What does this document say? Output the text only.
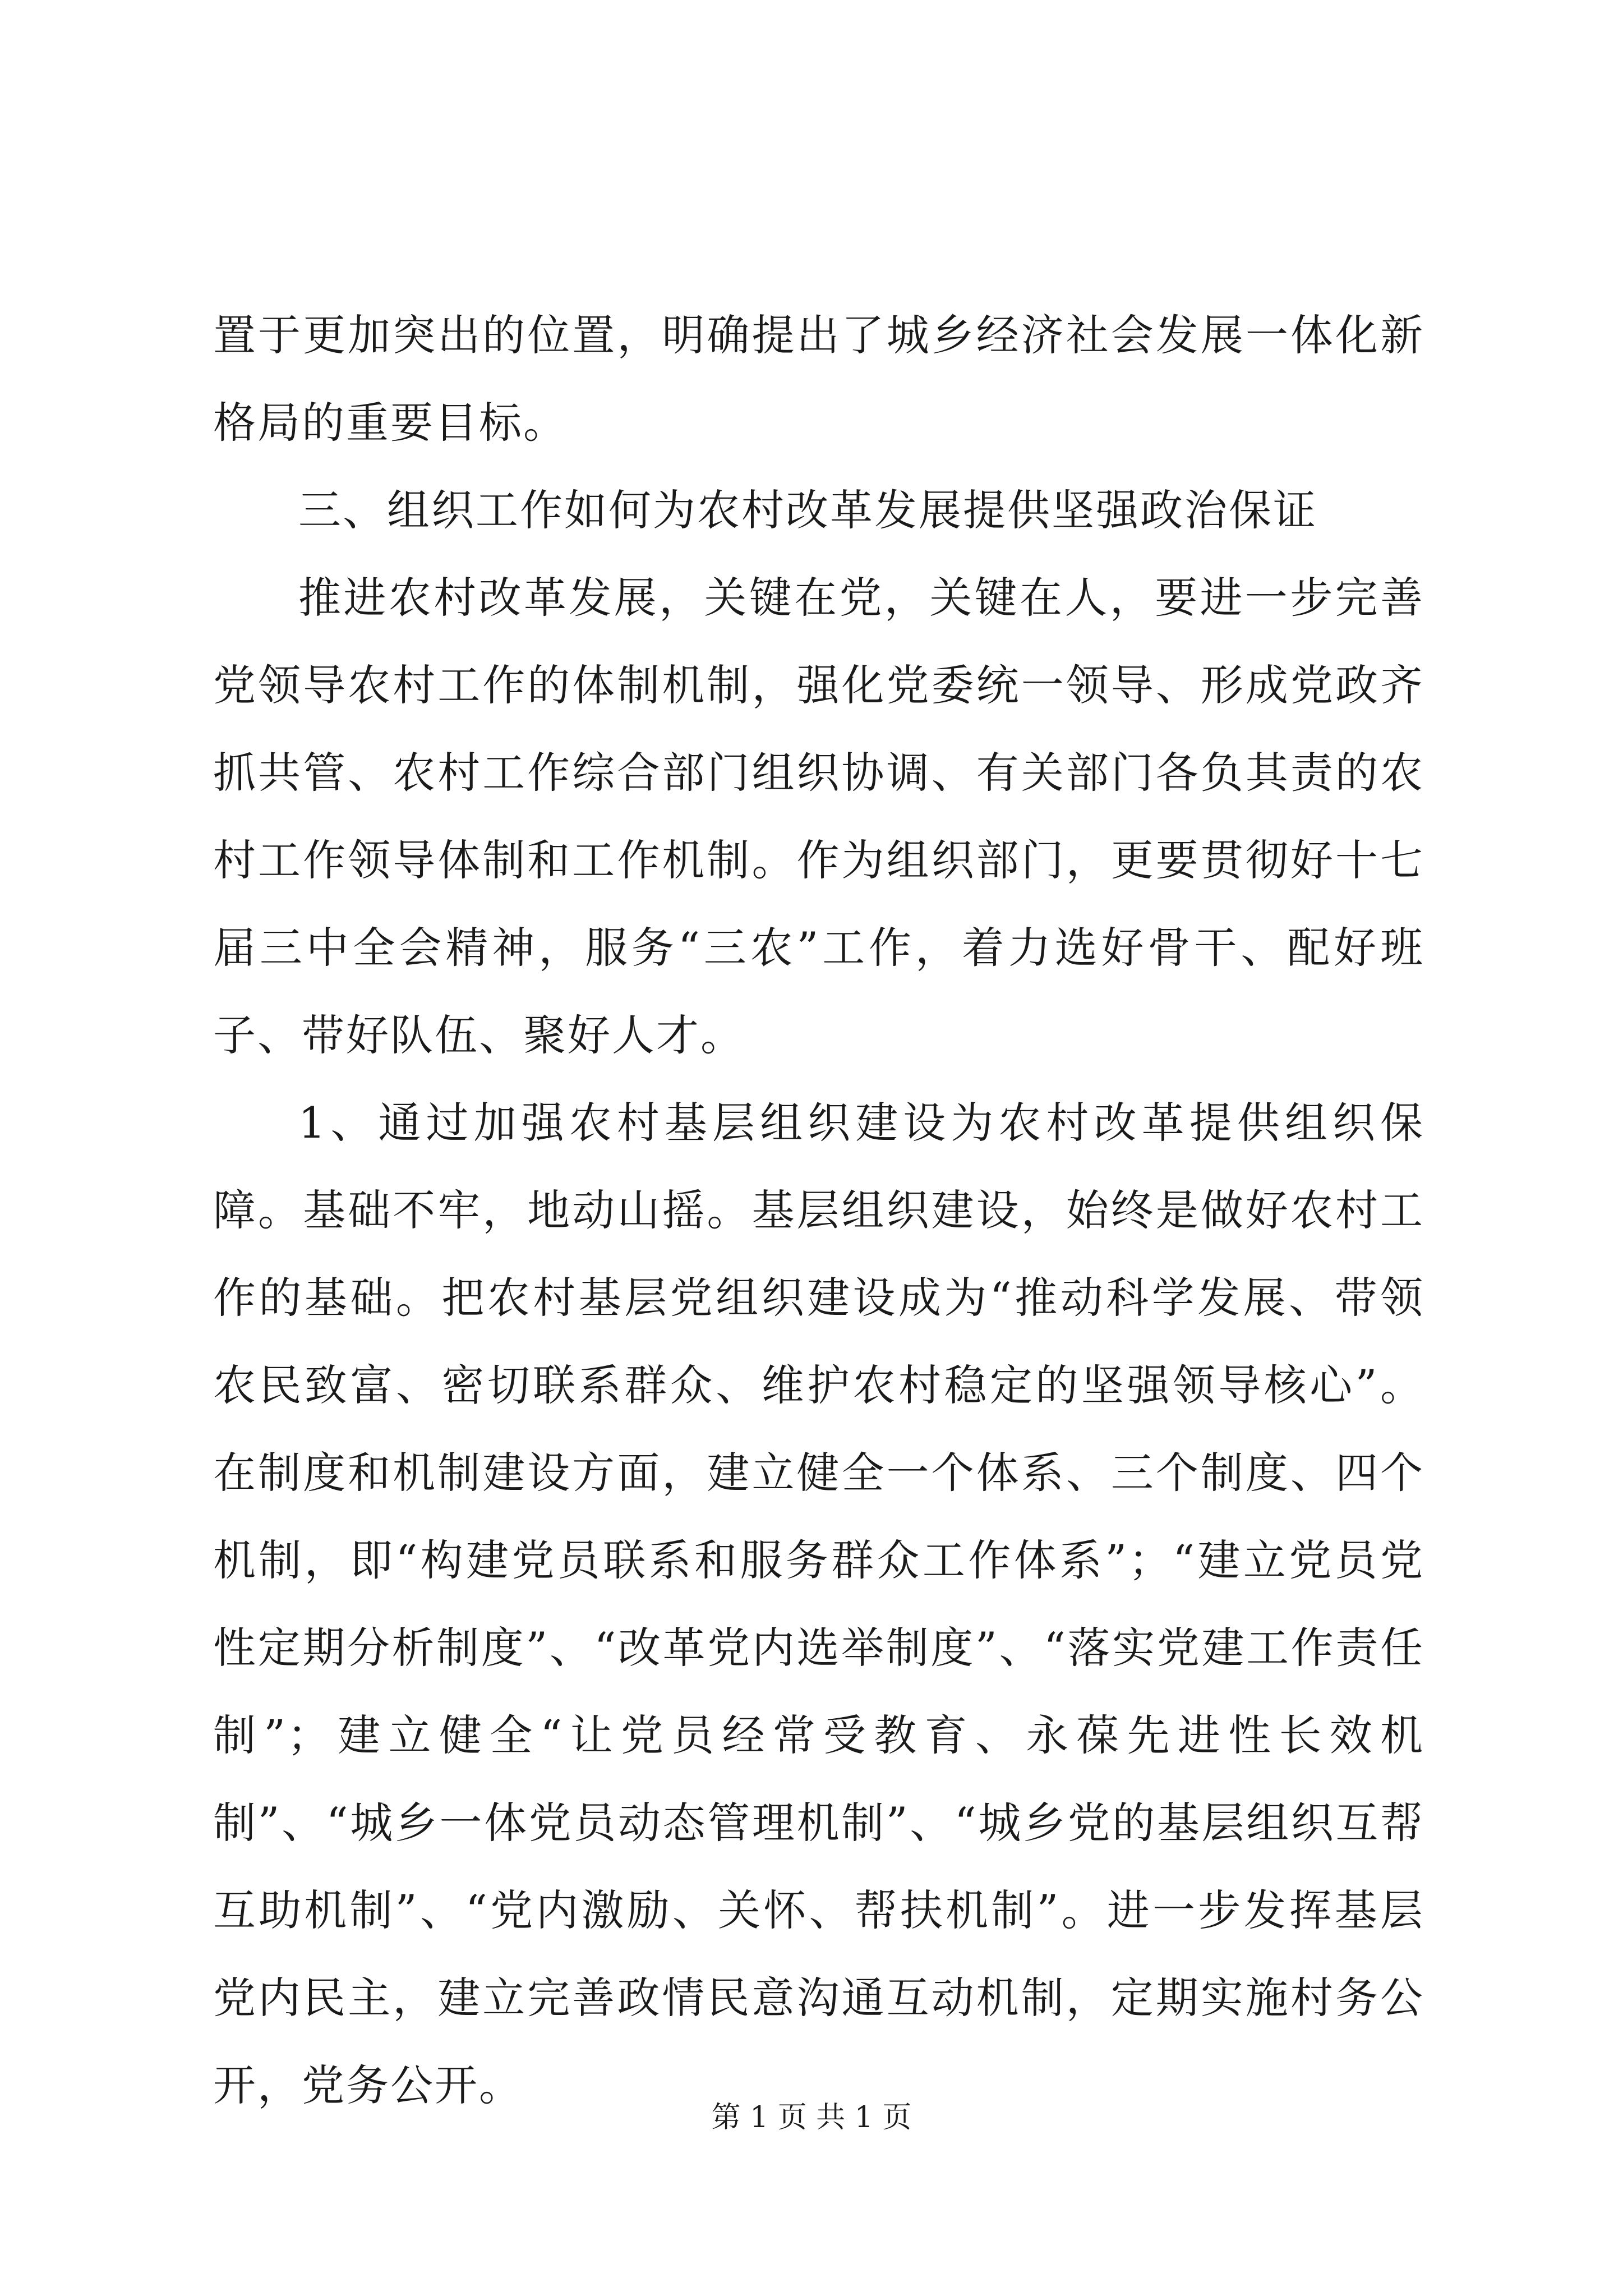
置于更加突出的位置，明确提出了城乡经济社会发展一体化新格局的重要目标。

三、组织工作如何为农村改革发展提供坚强政治保证

推进农村改革发展，关键在党，关键在人，要进一步完善党领导农村工作的体制机制，强化党委统一领导、形成党政齐抓共管、农村工作综合部门组织协调、有关部门各负其责的农村工作领导体制和工作机制。作为组织部门，更要贯彻好十七届三中全会精神，服务“三农”工作，着力选好骨干、配好班子、带好队伍、聚好人才。

1、通过加强农村基层组织建设为农村改革提供组织保障。基础不牢，地动山摇。基层组织建设，始终是做好农村工作的基础。把农村基层党组织建设成为“推动科学发展、带领农民致富、密切联系群众、维护农村稳定的坚强领导核心”。在制度和机制建设方面，建立健全一个体系、三个制度、四个机制，即“构建党员联系和服务群众工作体系”；“建立党员党性定期分析制度”、“改革党内选举制度”、“落实党建工作责任制”；建立健全“让党员经常受教育、永葆先进性长效机制”、“城乡一体党员动态管理机制”、“城乡党的基层组织互帮互助机制”、“党内激励、关怀、帮扶机制”。进一步发挥基层党内民主，建立完善政情民意沟通互动机制，定期实施村务公开，党务公开。

第 1 页 共 1 页
